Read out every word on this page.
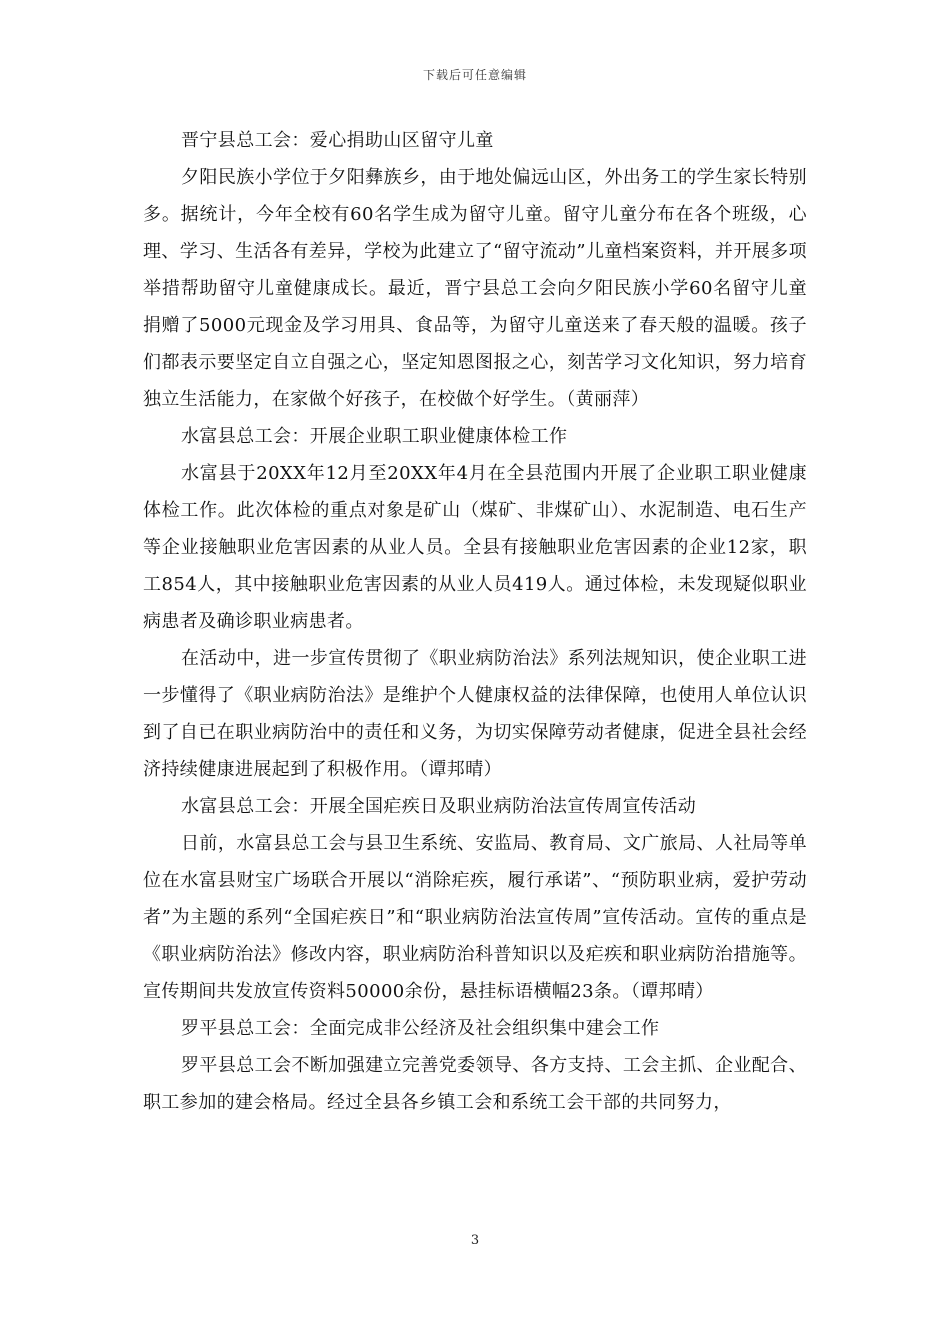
下载后可任意编辑

晋宁县总工会：爱心捐助山区留守儿童

夕阳民族小学位于夕阳彝族乡，由于地处偏远山区，外出务工的学生家长特别多。据统计，今年全校有60名学生成为留守儿童。留守儿童分布在各个班级，心理、学习、生活各有差异，学校为此建立了“留守流动”儿童档案资料，并开展多项举措帮助留守儿童健康成长。最近，晋宁县总工会向夕阳民族小学60名留守儿童捐赠了5000元现金及学习用具、食品等，为留守儿童送来了春天般的温暖。孩子们都表示要坚定自立自强之心，坚定知恩图报之心，刻苦学习文化知识，努力培育独立生活能力，在家做个好孩子，在校做个好学生。（黄丽萍）

水富县总工会：开展企业职工职业健康体检工作

水富县于20XX年12月至20XX年4月在全县范围内开展了企业职工职业健康体检工作。此次体检的重点对象是矿山（煤矿、非煤矿山）、水泥制造、电石生产等企业接触职业危害因素的从业人员。全县有接触职业危害因素的企业12家，职工854人，其中接触职业危害因素的从业人员419人。通过体检，未发现疑似职业病患者及确诊职业病患者。

在活动中，进一步宣传贯彻了《职业病防治法》系列法规知识，使企业职工进一步懂得了《职业病防治法》是维护个人健康权益的法律保障，也使用人单位认识到了自已在职业病防治中的责任和义务，为切实保障劳动者健康，促进全县社会经济持续健康进展起到了积极作用。（谭邦晴）

水富县总工会：开展全国疟疾日及职业病防治法宣传周宣传活动

日前，水富县总工会与县卫生系统、安监局、教育局、文广旅局、人社局等单位在水富县财宝广场联合开展以“消除疟疾，履行承诺”、“预防职业病，爱护劳动者”为主题的系列“全国疟疾日”和“职业病防治法宣传周”宣传活动。宣传的重点是《职业病防治法》修改内容，职业病防治科普知识以及疟疾和职业病防治措施等。宣传期间共发放宣传资料50000余份，悬挂标语横幅23条。（谭邦晴）

罗平县总工会：全面完成非公经济及社会组织集中建会工作

罗平县总工会不断加强建立完善党委领导、各方支持、工会主抓、企业配合、职工参加的建会格局。经过全县各乡镇工会和系统工会干部的共同努力，

3
